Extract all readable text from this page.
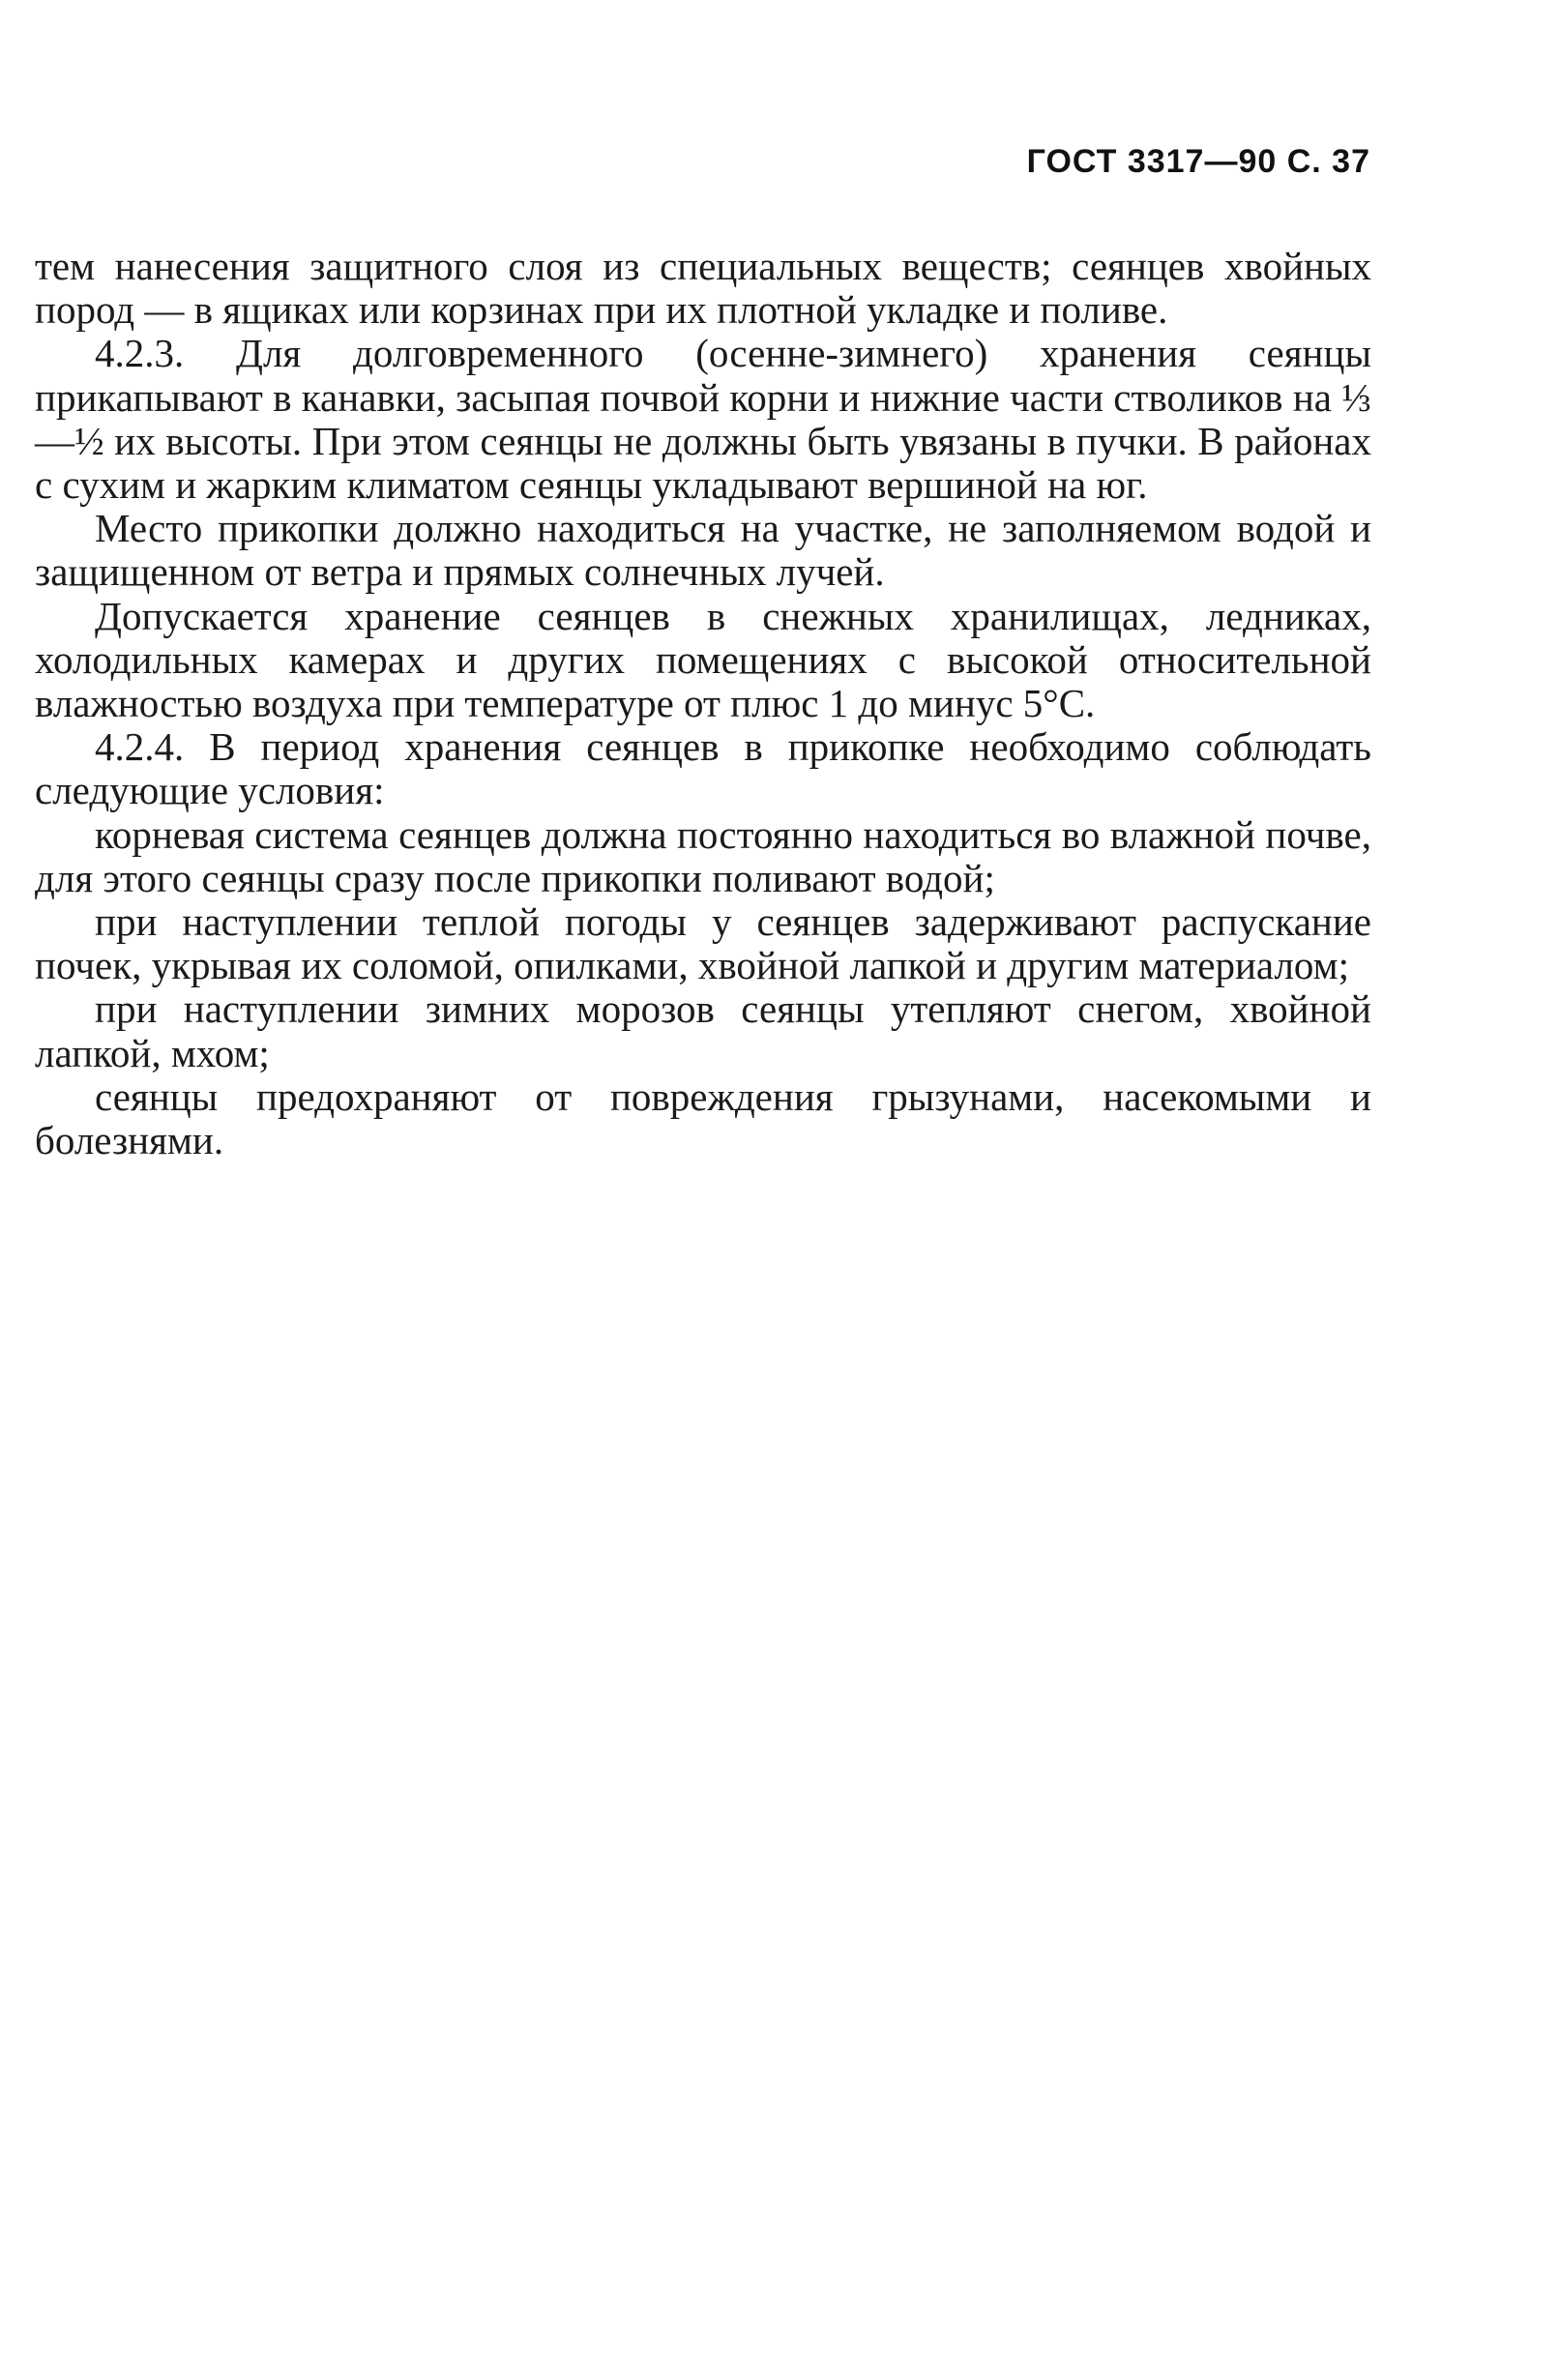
ГОСТ 3317—90 С. 37

тем нанесения защитного слоя из специальных веществ; сеянцев хвойных пород — в ящиках или корзинах при их плотной укладке и поливе.

4.2.3. Для долговременного (осенне-зимнего) хранения сеянцы прикапывают в канавки, засыпая почвой корни и нижние части стволиков на ⅓—½ их высоты. При этом сеянцы не должны быть увязаны в пучки. В районах с сухим и жарким климатом сеянцы укладывают вершиной на юг.

Место прикопки должно находиться на участке, не заполняемом водой и защищенном от ветра и прямых солнечных лучей.

Допускается хранение сеянцев в снежных хранилищах, ледниках, холодильных камерах и других помещениях с высокой относительной влажностью воздуха при температуре от плюс 1 до минус 5°С.

4.2.4. В период хранения сеянцев в прикопке необходимо соблюдать следующие условия:

корневая система сеянцев должна постоянно находиться во влажной почве, для этого сеянцы сразу после прикопки поливают водой;

при наступлении теплой погоды у сеянцев задерживают распускание почек, укрывая их соломой, опилками, хвойной лапкой и другим материалом;

при наступлении зимних морозов сеянцы утепляют снегом, хвойной лапкой, мхом;

сеянцы предохраняют от повреждения грызунами, насекомыми и болезнями.
